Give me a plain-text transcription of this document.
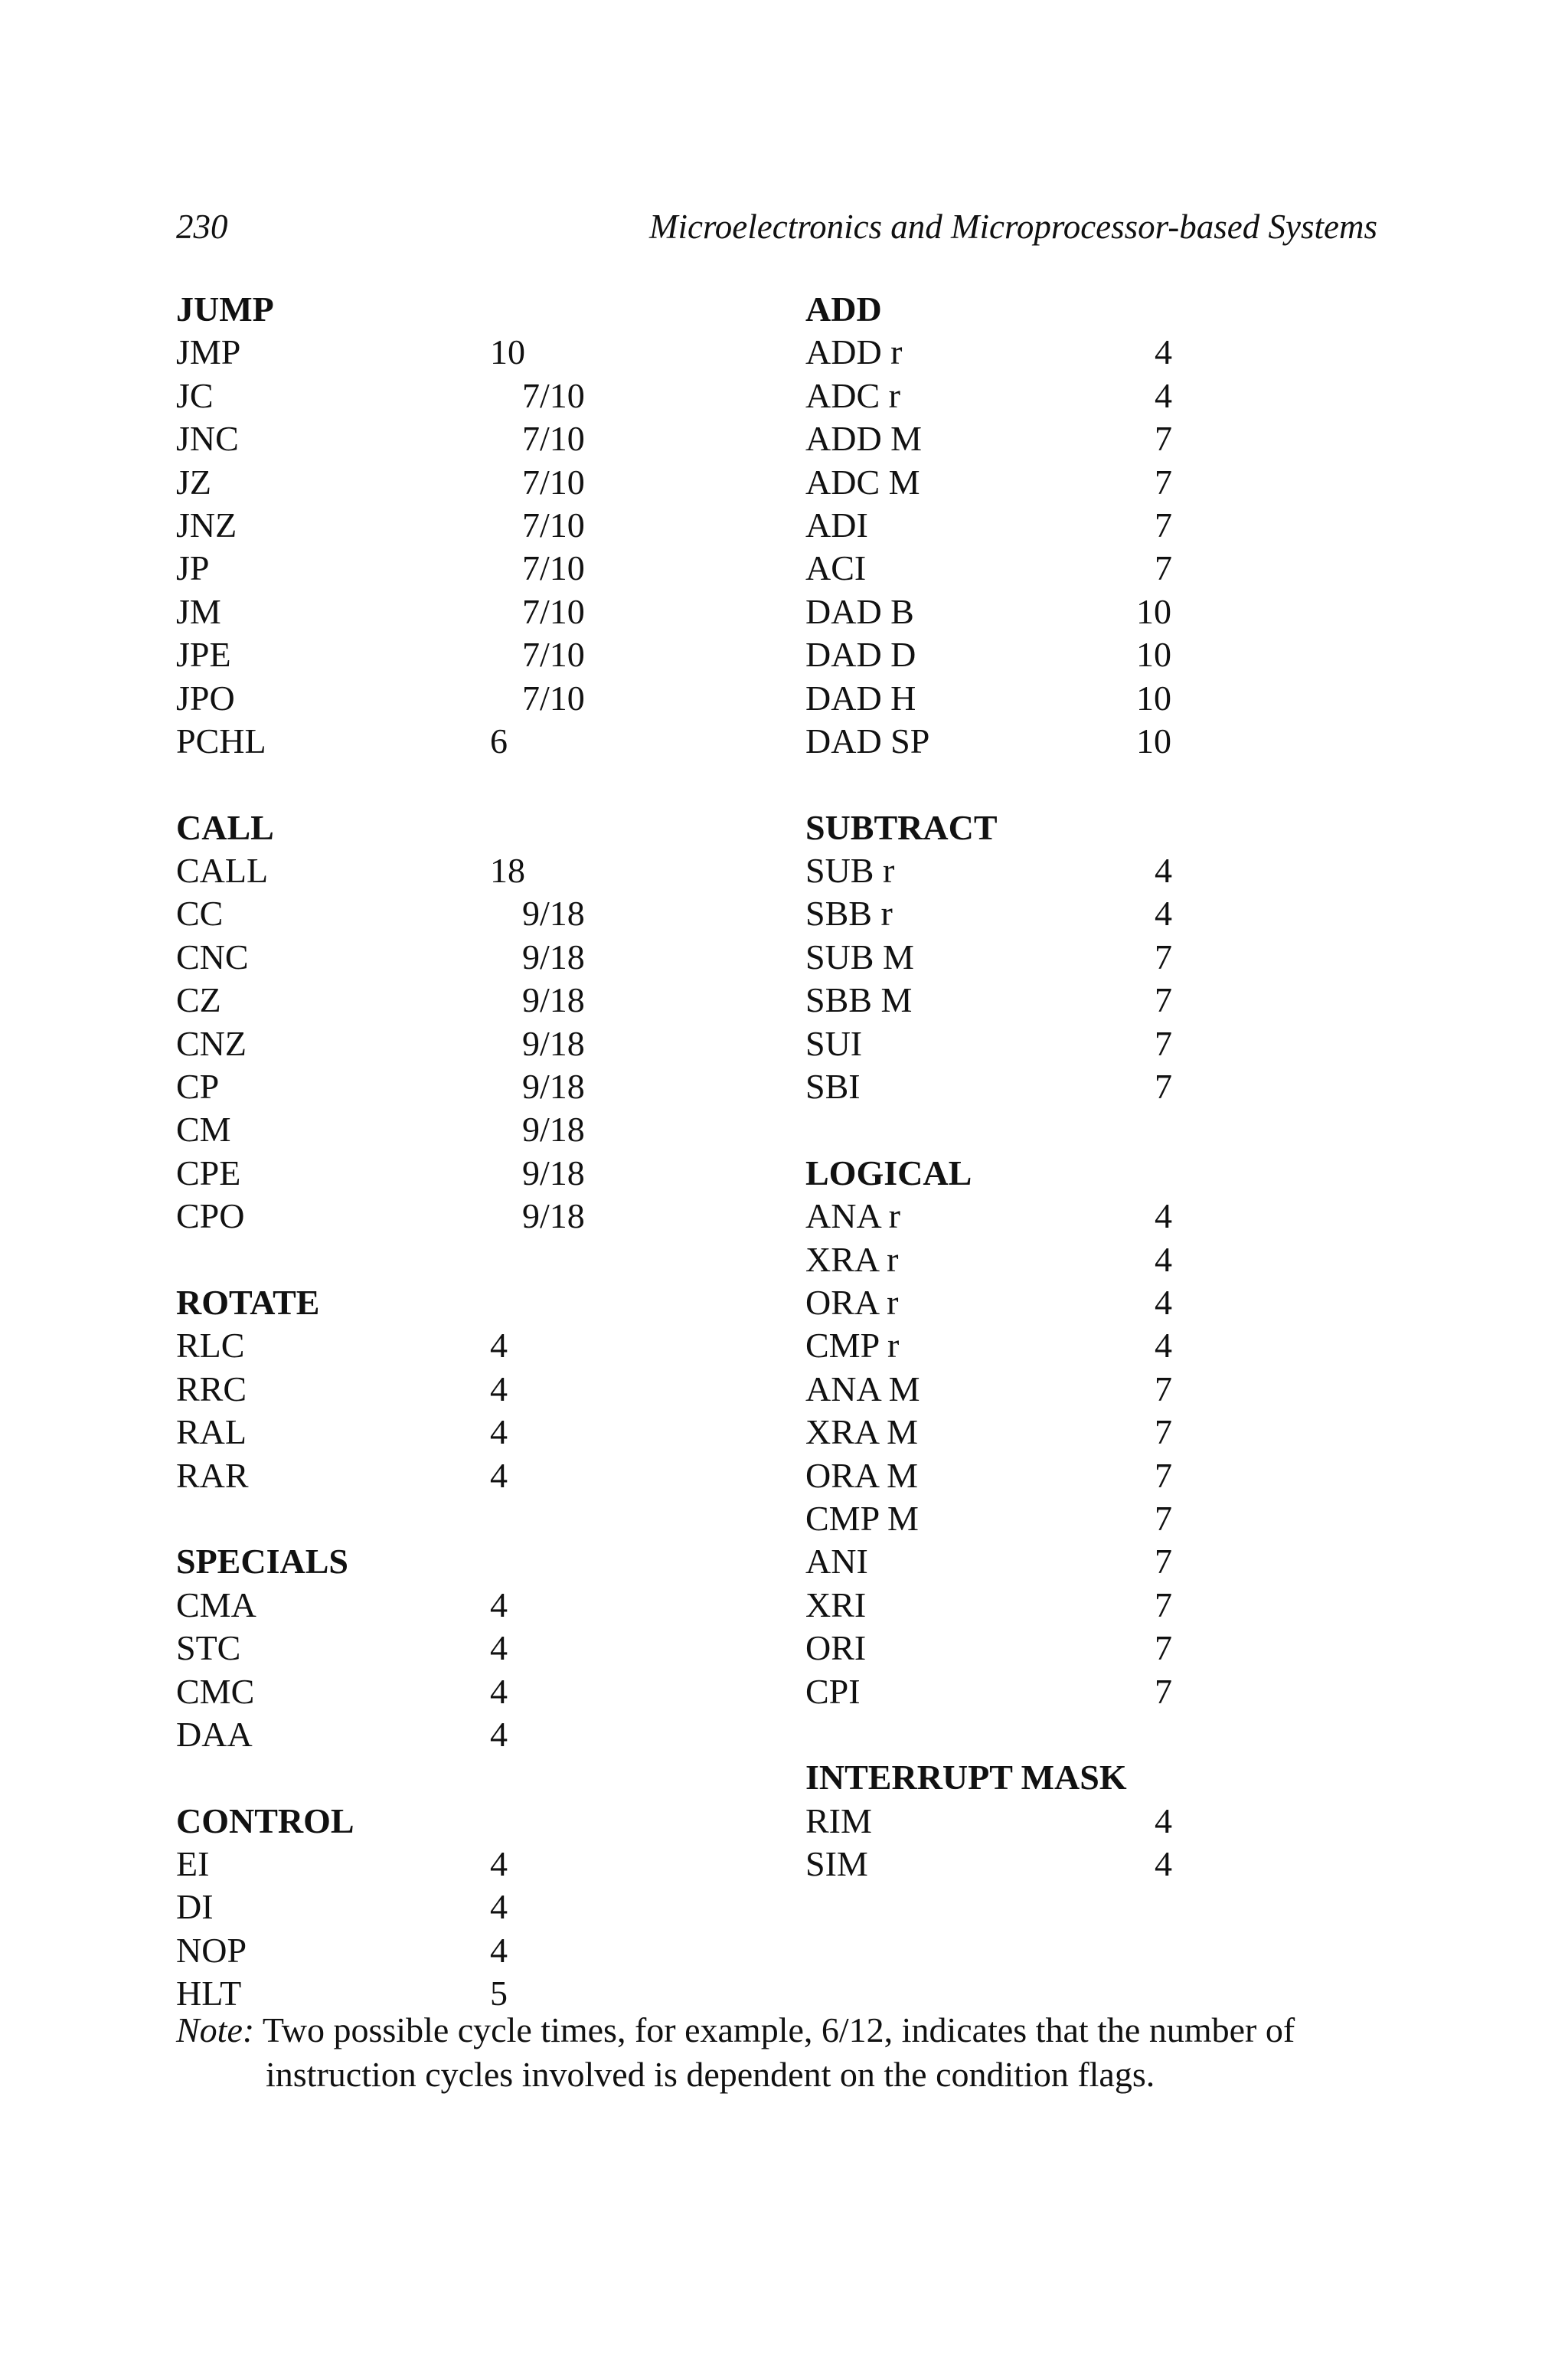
230	Microelectronics and Microprocessor-based Systems
JUMP
JMP	10
JC	7/10
JNC	7/10
JZ	7/10
JNZ	7/10
JP	7/10
JM	7/10
JPE	7/10
JPO	7/10
PCHL	6
CALL
CALL	18
CC	9/18
CNC	9/18
CZ	9/18
CNZ	9/18
CP	9/18
CM	9/18
CPE	9/18
CPO	9/18
ROTATE
RLC	4
RRC	4
RAL	4
RAR	4
SPECIALS
CMA	4
STC	4
CMC	4
DAA	4
CONTROL
EI	4
DI	4
NOP	4
HLT	5
ADD
ADD r	4
ADC r	4
ADD M	7
ADC M	7
ADI	7
ACI	7
DAD B	10
DAD D	10
DAD H	10
DAD SP	10
SUBTRACT
SUB r	4
SBB r	4
SUB M	7
SBB M	7
SUI	7
SBI	7
LOGICAL
ANA r	4
XRA r	4
ORA r	4
CMP r	4
ANA M	7
XRA M	7
ORA M	7
CMP M	7
ANI	7
XRI	7
ORI	7
CPI	7
INTERRUPT MASK
RIM	4
SIM	4
Note: Two possible cycle times, for example, 6/12, indicates that the number of
instruction cycles involved is dependent on the condition flags.
